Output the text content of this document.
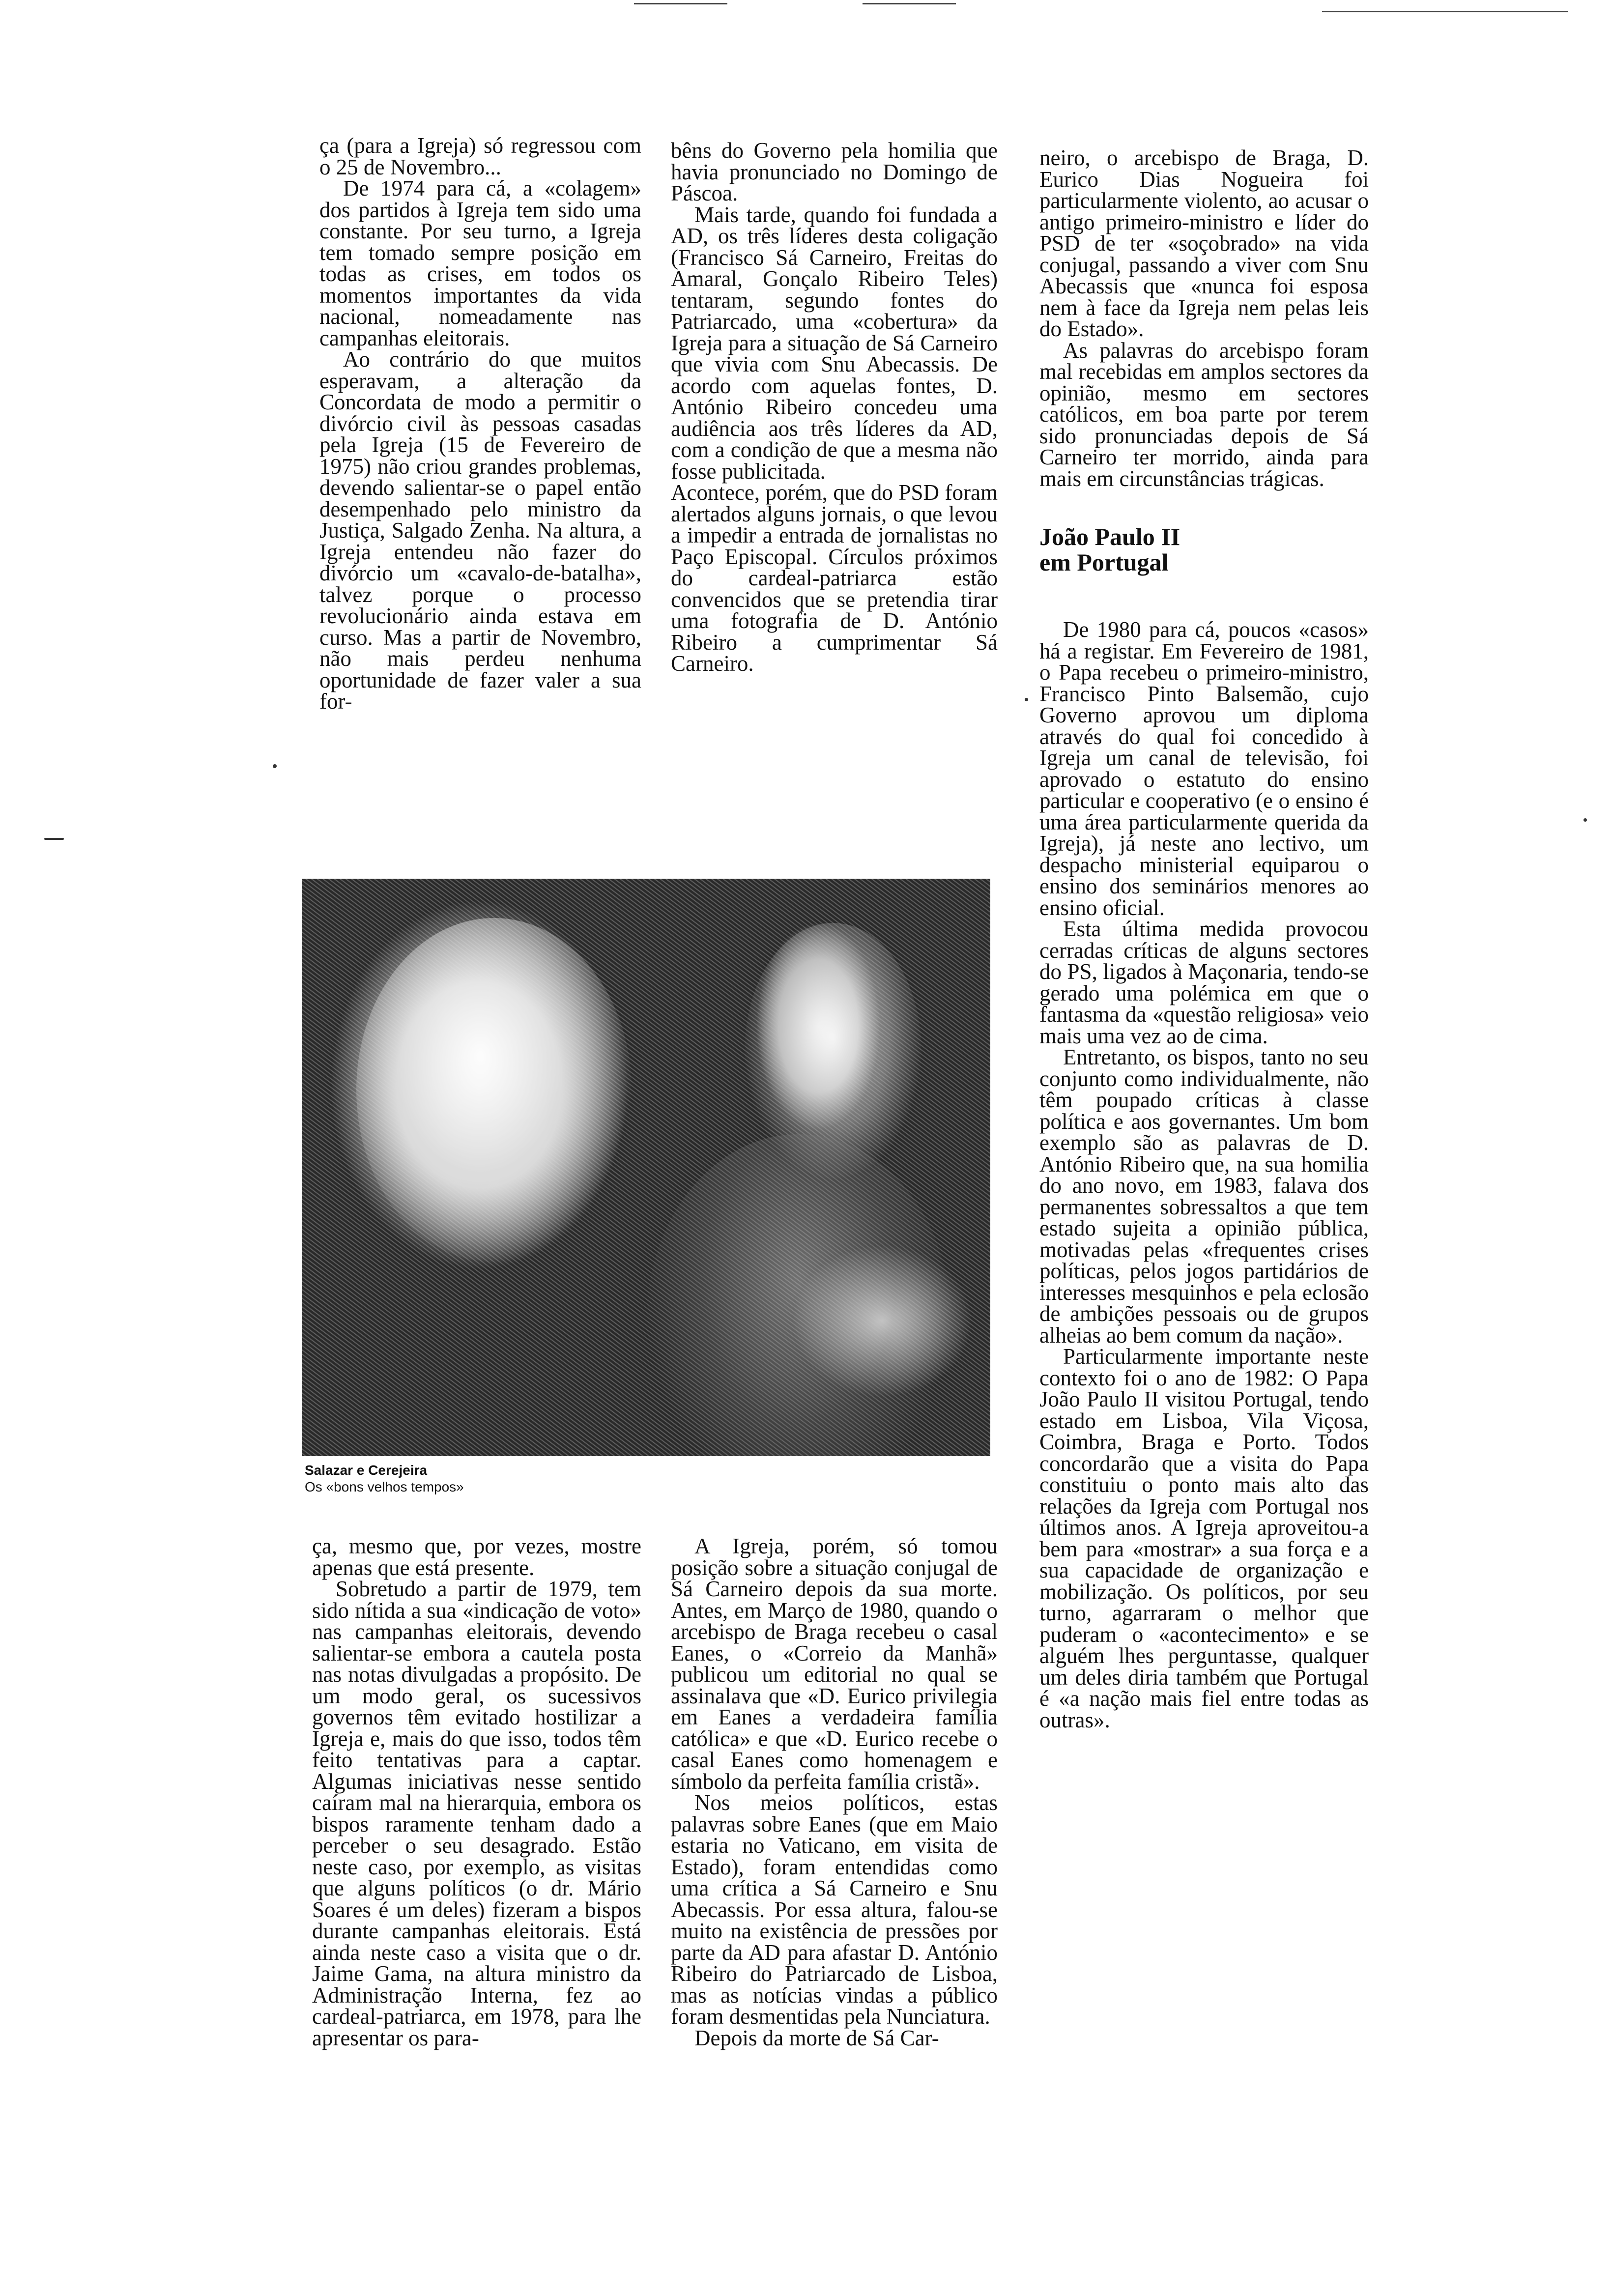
ça (para a Igreja) só regressou com o 25 de Novembro...

De 1974 para cá, a «colagem» dos partidos à Igreja tem sido uma constante. Por seu turno, a Igreja tem tomado sempre posição em todas as crises, em todos os momentos importantes da vida nacional, nomeadamente nas campanhas eleitorais.

Ao contrário do que muitos esperavam, a alteração da Concordata de modo a permitir o divórcio civil às pessoas casadas pela Igreja (15 de Fevereiro de 1975) não criou grandes problemas, devendo salientar-se o papel então desempenhado pelo ministro da Justiça, Salgado Zenha. Na altura, a Igreja entendeu não fazer do divórcio um «cavalo-de-batalha», talvez porque o processo revolucionário ainda estava em curso. Mas a partir de Novembro, não mais perdeu nenhuma oportunidade de fazer valer a sua for-

bêns do Governo pela homilia que havia pronunciado no Domingo de Páscoa.

Mais tarde, quando foi fundada a AD, os três líderes desta coligação (Francisco Sá Carneiro, Freitas do Amaral, Gonçalo Ribeiro Teles) tentaram, segundo fontes do Patriarcado, uma «cobertura» da Igreja para a situação de Sá Carneiro que vivia com Snu Abecassis. De acordo com aquelas fontes, D. António Ribeiro concedeu uma audiência aos três líderes da AD, com a condição de que a mesma não fosse publicitada.

Acontece, porém, que do PSD foram alertados alguns jornais, o que levou a impedir a entrada de jornalistas no Paço Episcopal. Círculos próximos do cardeal-patriarca estão convencidos que se pretendia tirar uma fotografia de D. António Ribeiro a cumprimentar Sá Carneiro.

neiro, o arcebispo de Braga, D. Eurico Dias Nogueira foi particularmente violento, ao acusar o antigo primeiro-ministro e líder do PSD de ter «soçobrado» na vida conjugal, passando a viver com Snu Abecassis que «nunca foi esposa nem à face da Igreja nem pelas leis do Estado».

As palavras do arcebispo foram mal recebidas em amplos sectores da opinião, mesmo em sectores católicos, em boa parte por terem sido pronunciadas depois de Sá Carneiro ter morrido, ainda para mais em circunstâncias trágicas.

João Paulo II
em Portugal

De 1980 para cá, poucos «casos» há a registar. Em Fevereiro de 1981, o Papa recebeu o primeiro-ministro, Francisco Pinto Balsemão, cujo Governo aprovou um diploma através do qual foi concedido à Igreja um canal de televisão, foi aprovado o estatuto do ensino particular e cooperativo (e o ensino é uma área particularmente querida da Igreja), já neste ano lectivo, um despacho ministerial equiparou o ensino dos seminários menores ao ensino oficial.

Esta última medida provocou cerradas críticas de alguns sectores do PS, ligados à Maçonaria, tendo-se gerado uma polémica em que o fantasma da «questão religiosa» veio mais uma vez ao de cima.

Entretanto, os bispos, tanto no seu conjunto como individualmente, não têm poupado críticas à classe política e aos governantes. Um bom exemplo são as palavras de D. António Ribeiro que, na sua homilia do ano novo, em 1983, falava dos permanentes sobressaltos a que tem estado sujeita a opinião pública, motivadas pelas «frequentes crises políticas, pelos jogos partidários de interesses mesquinhos e pela eclosão de ambições pessoais ou de grupos alheias ao bem comum da nação».

Particularmente importante neste contexto foi o ano de 1982: O Papa João Paulo II visitou Portugal, tendo estado em Lisboa, Vila Viçosa, Coimbra, Braga e Porto. Todos concordarão que a visita do Papa constituiu o ponto mais alto das relações da Igreja com Portugal nos últimos anos. A Igreja aproveitou-a bem para «mostrar» a sua força e a sua capacidade de organização e mobilização. Os políticos, por seu turno, agarraram o melhor que puderam o «acontecimento» e se alguém lhes perguntasse, qualquer um deles diria também que Portugal é «a nação mais fiel entre todas as outras».

Salazar e Cerejeira
Os «bons velhos tempos»

ça, mesmo que, por vezes, mostre apenas que está presente.

Sobretudo a partir de 1979, tem sido nítida a sua «indicação de voto» nas campanhas eleitorais, devendo salientar-se embora a cautela posta nas notas divulgadas a propósito. De um modo geral, os sucessivos governos têm evitado hostilizar a Igreja e, mais do que isso, todos têm feito tentativas para a captar. Algumas iniciativas nesse sentido caíram mal na hierarquia, embora os bispos raramente tenham dado a perceber o seu desagrado. Estão neste caso, por exemplo, as visitas que alguns políticos (o dr. Mário Soares é um deles) fizeram a bispos durante campanhas eleitorais. Está ainda neste caso a visita que o dr. Jaime Gama, na altura ministro da Administração Interna, fez ao cardeal-patriarca, em 1978, para lhe apresentar os para-

A Igreja, porém, só tomou posição sobre a situação conjugal de Sá Carneiro depois da sua morte. Antes, em Março de 1980, quando o arcebispo de Braga recebeu o casal Eanes, o «Correio da Manhã» publicou um editorial no qual se assinalava que «D. Eurico privilegia em Eanes a verdadeira família católica» e que «D. Eurico recebe o casal Eanes como homenagem e símbolo da perfeita família cristã».

Nos meios políticos, estas palavras sobre Eanes (que em Maio estaria no Vaticano, em visita de Estado), foram entendidas como uma crítica a Sá Carneiro e Snu Abecassis. Por essa altura, falou-se muito na existência de pressões por parte da AD para afastar D. António Ribeiro do Patriarcado de Lisboa, mas as notícias vindas a público foram desmentidas pela Nunciatura.

Depois da morte de Sá Car-
